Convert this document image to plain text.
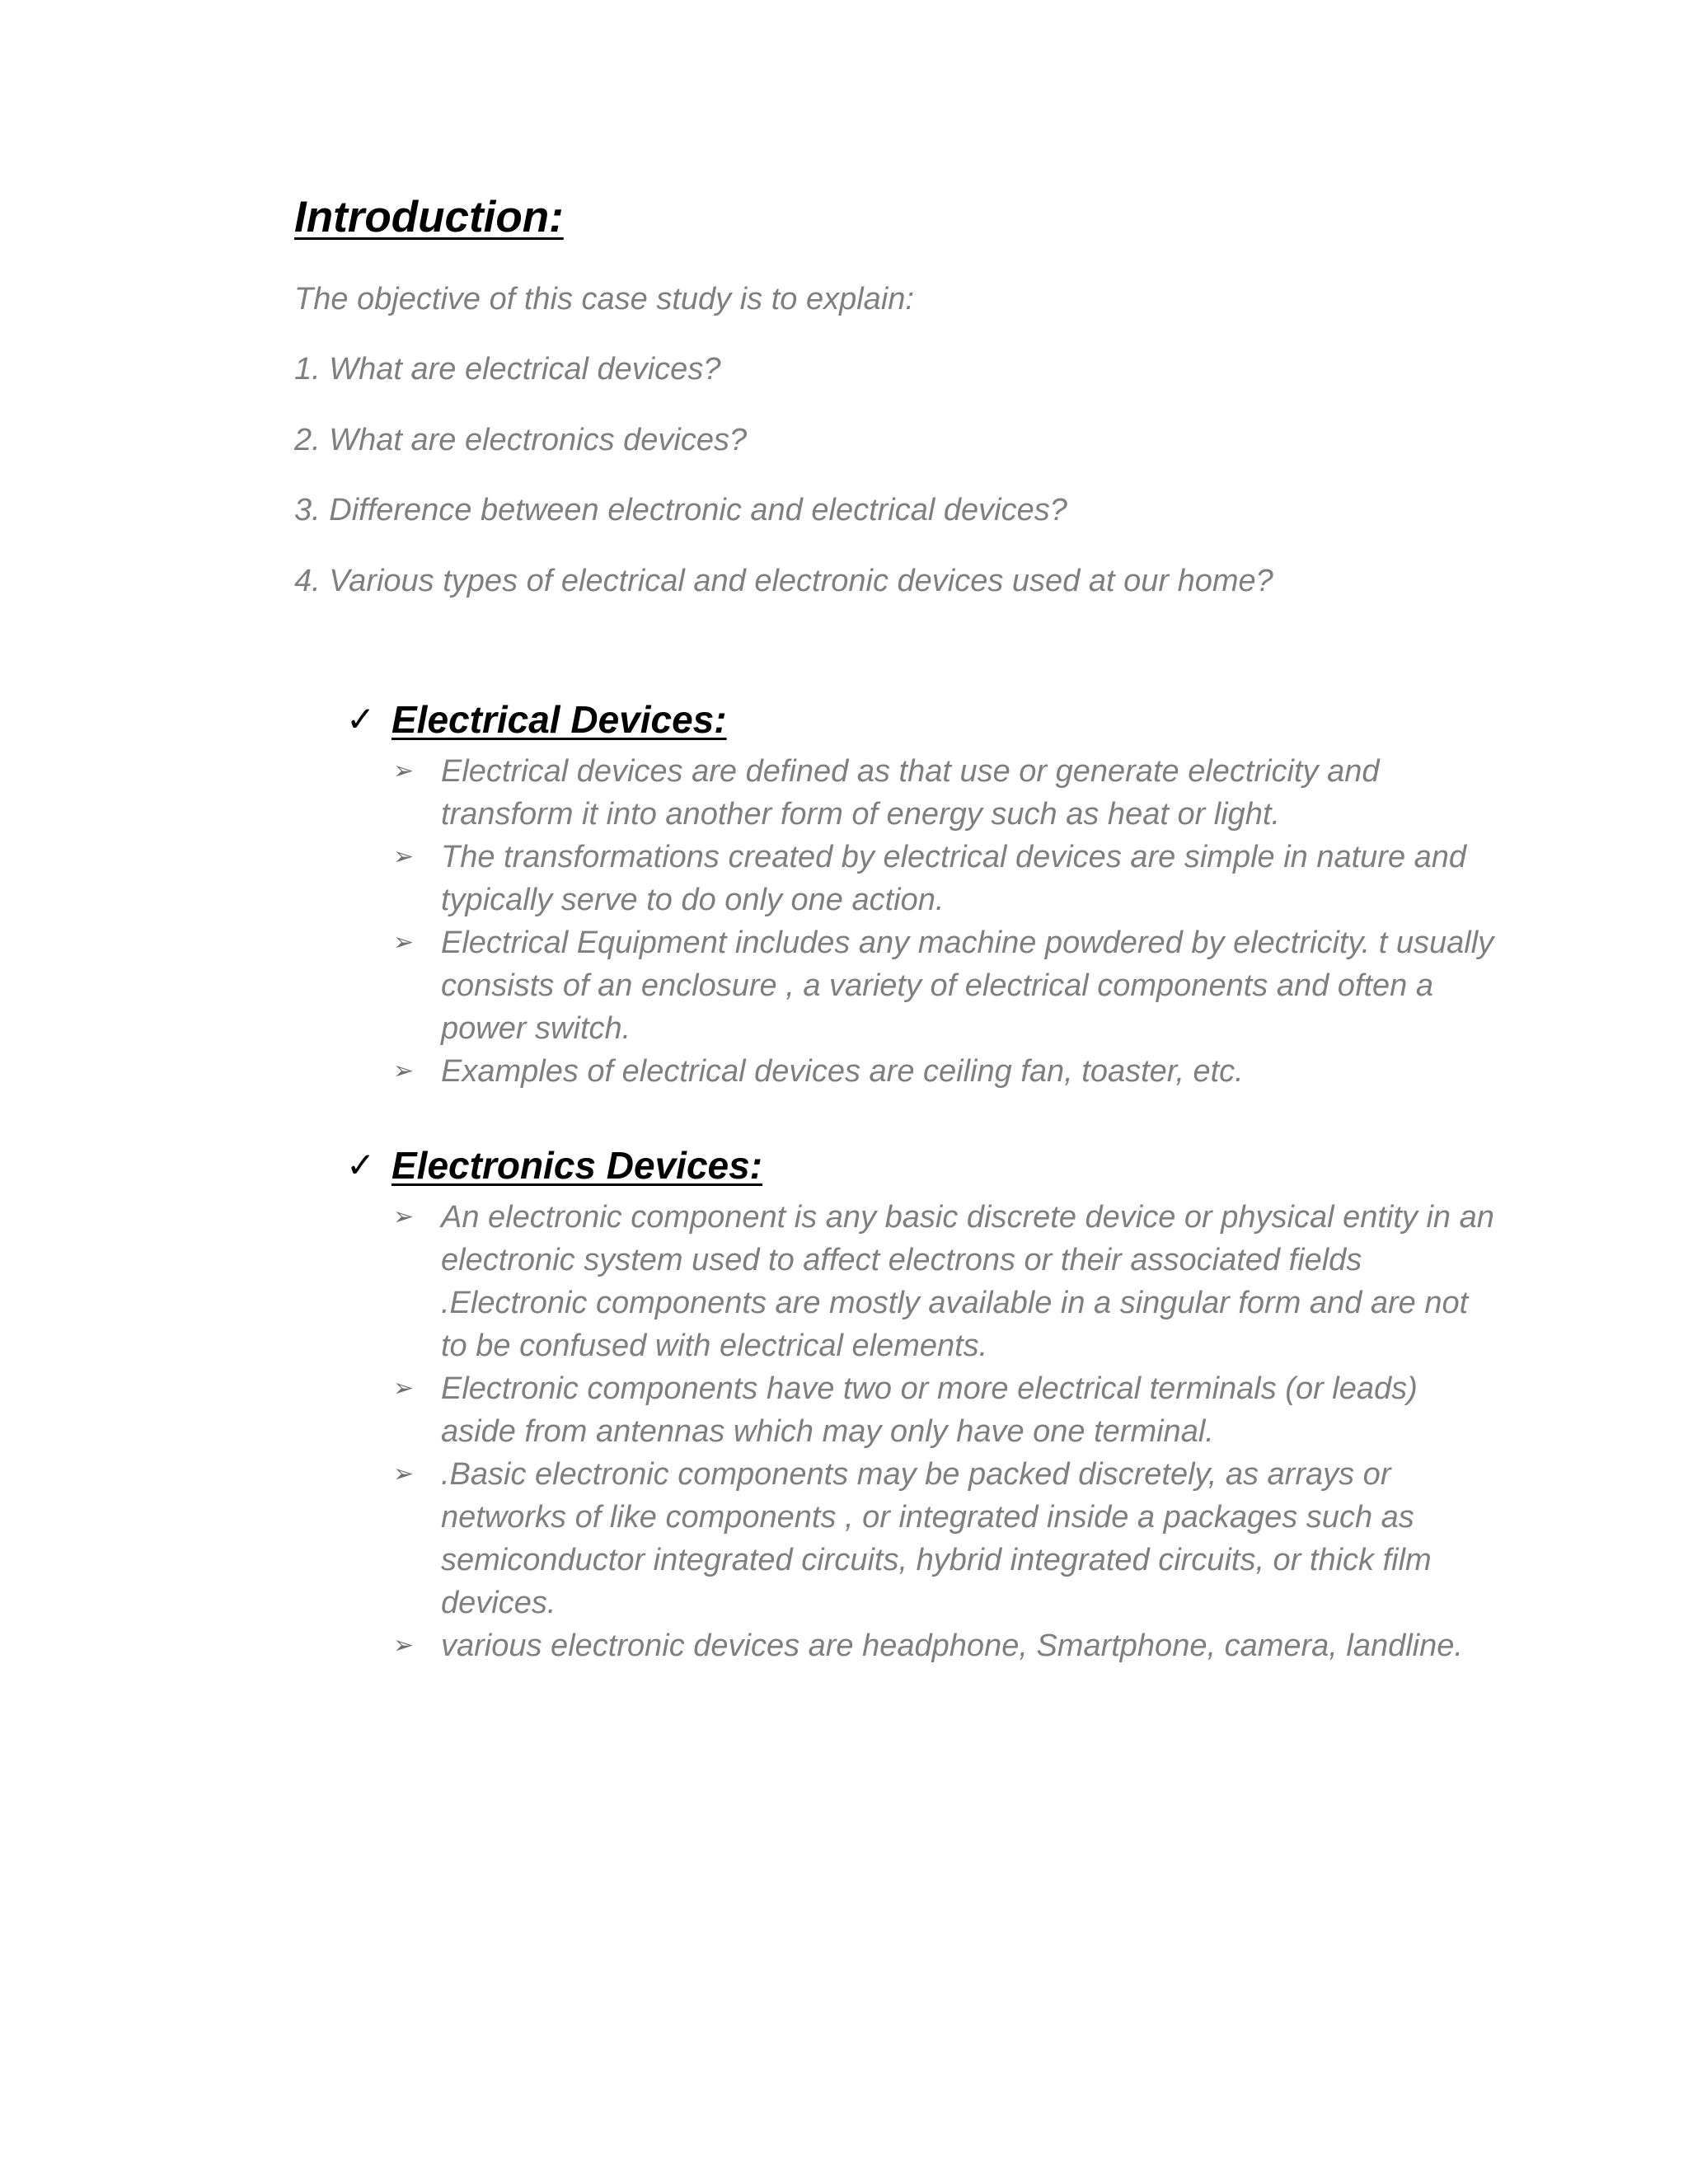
Introduction:

The objective of this case study is to explain:

1. What are electrical devices?

2. What are electronics devices?

3. Difference between electronic and electrical devices?

4. Various types of electrical and electronic devices used at our home?

✓ Electrical Devices:
➢ Electrical devices are defined as that use or generate electricity and transform it into another form of energy such as heat or light.
➢ The transformations created by electrical devices are simple in nature and typically serve to do only one action.
➢ Electrical Equipment includes any machine powdered by electricity. t usually consists of an enclosure , a variety of electrical components and often a power switch.
➢ Examples of electrical devices are ceiling fan, toaster, etc.
✓ Electronics Devices:
➢ An electronic component is any basic discrete device or physical entity in an electronic system used to affect electrons or their associated fields .Electronic components are mostly available in a singular form and are not to be confused with electrical elements.
➢ Electronic components have two or more electrical terminals (or leads) aside from antennas which may only have one terminal.
➢ .Basic electronic components may be packed discretely, as arrays or networks of like components , or integrated inside a packages such as semiconductor integrated circuits, hybrid integrated circuits, or thick film devices.
➢ various electronic devices are headphone, Smartphone, camera, landline.
